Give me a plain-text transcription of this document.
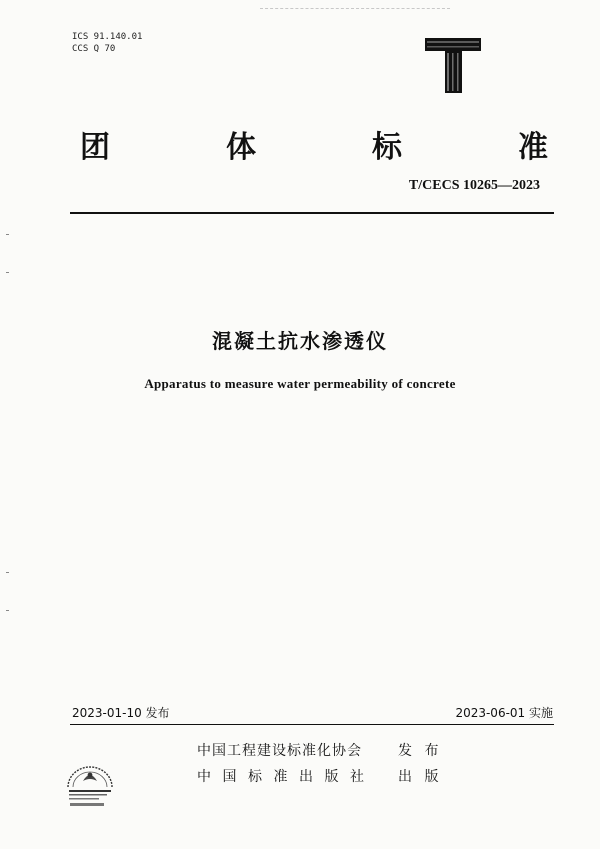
ICS 91.140.01
CCS Q 70
团	体	标	准
T/CECS 10265—2023
混凝土抗水渗透仪
Apparatus to measure water permeability of concrete
2023-01-10 发布	2023-06-01 实施
中国工程建设标准化协会	发 布
中国标准出版社 出 版
